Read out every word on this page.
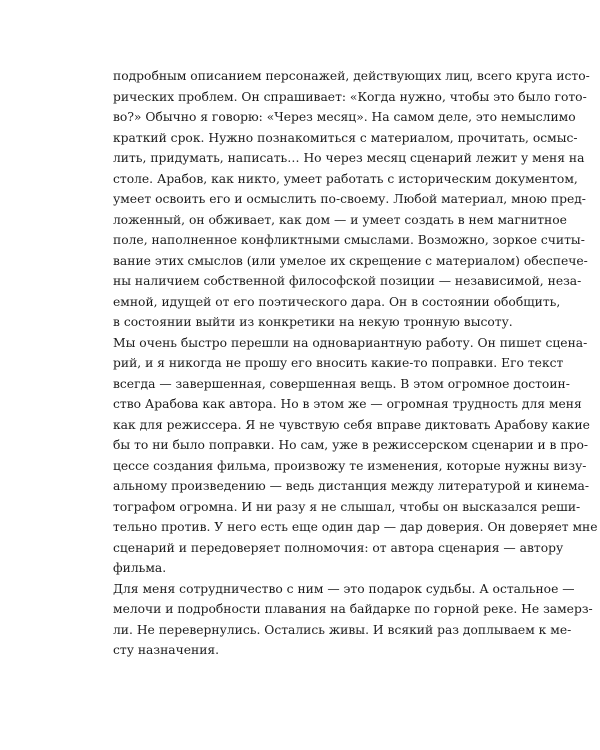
подробным описанием персонажей, действующих лиц, всего круга исто-
рических проблем. Он спрашивает: «Когда нужно, чтобы это было гото-
во?» Обычно я говорю: «Через месяц». На самом деле, это немыслимо
краткий срок. Нужно познакомиться с материалом, прочитать, осмыс-
лить, придумать, написать… Но через месяц сценарий лежит у меня на
столе. Арабов, как никто, умеет работать с историческим документом,
умеет освоить его и осмыслить по-своему. Любой материал, мною пред-
ложенный, он обживает, как дом — и умеет создать в нем магнитное
поле, наполненное конфликтными смыслами. Возможно, зоркое считы-
вание этих смыслов (или умелое их скрещение с материалом) обеспече-
ны наличием собственной философской позиции — независимой, неза-
емной, идущей от его поэтического дара. Он в состоянии обобщить,
в состоянии выйти из конкретики на некую тронную высоту.
Мы очень быстро перешли на одновариантную работу. Он пишет сцена-
рий, и я никогда не прошу его вносить какие-то поправки. Его текст
всегда — завершенная, совершенная вещь. В этом огромное достоин-
ство Арабова как автора. Но в этом же — огромная трудность для меня
как для режиссера. Я не чувствую себя вправе диктовать Арабову какие
бы то ни было поправки. Но сам, уже в режиссерском сценарии и в про-
цессе создания фильма, произвожу те изменения, которые нужны визу-
альному произведению — ведь дистанция между литературой и кинема-
тографом огромна. И ни разу я не слышал, чтобы он высказался реши-
тельно против. У него есть еще один дар — дар доверия. Он доверяет мне
сценарий и передоверяет полномочия: от автора сценария — автору
фильма.
Для меня сотрудничество с ним — это подарок судьбы. А остальное —
мелочи и подробности плавания на байдарке по горной реке. Не замерз-
ли. Не перевернулись. Остались живы. И всякий раз доплываем к ме-
сту назначения.
